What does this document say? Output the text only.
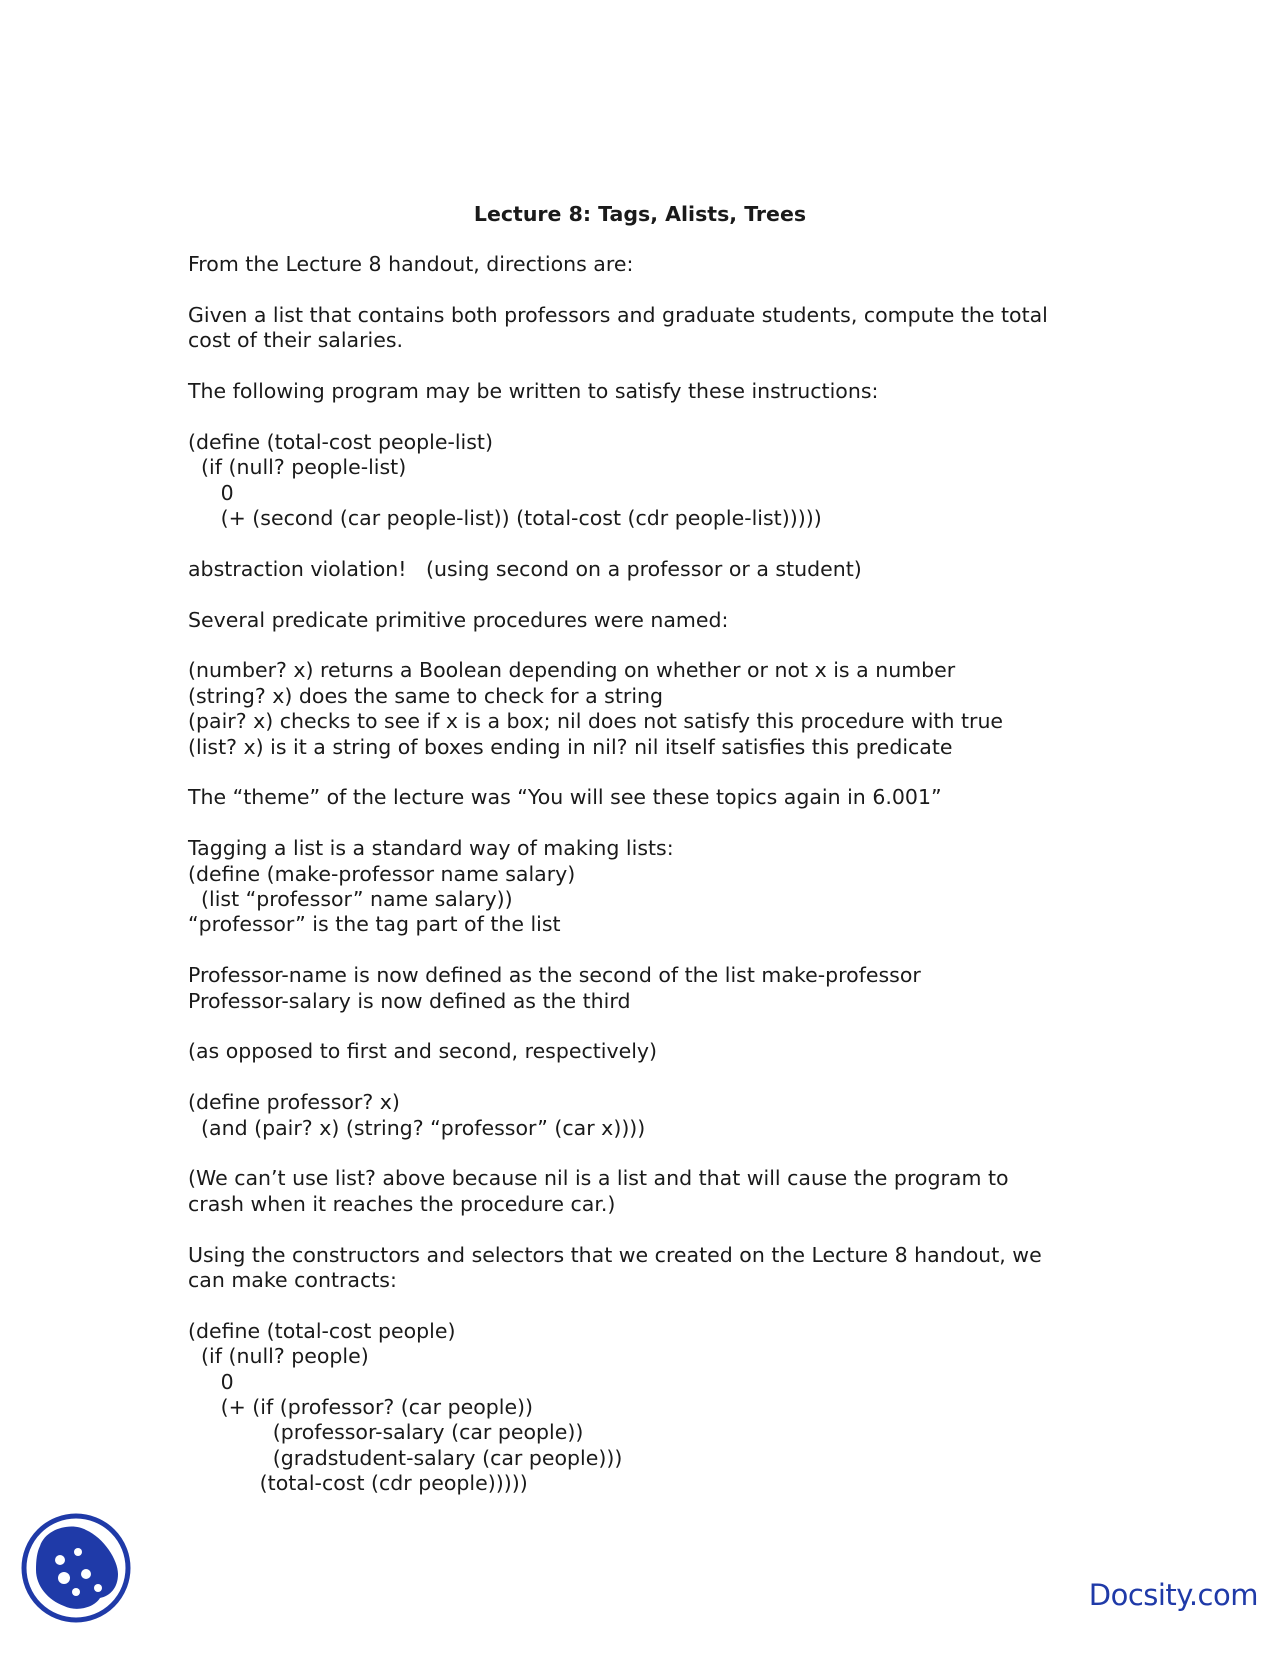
Lecture 8: Tags, Alists, Trees
From the Lecture 8 handout, directions are:
Given a list that contains both professors and graduate students, compute the total
cost of their salaries.
The following program may be written to satisfy these instructions:
(define (total-cost people-list)
(if (null? people-list)
0
(+ (second (car people-list)) (total-cost (cdr people-list)))))
abstraction violation!   (using second on a professor or a student)
Several predicate primitive procedures were named:
(number? x) returns a Boolean depending on whether or not x is a number
(string? x) does the same to check for a string
(pair? x) checks to see if x is a box; nil does not satisfy this procedure with true
(list? x) is it a string of boxes ending in nil? nil itself satisfies this predicate
The “theme” of the lecture was “You will see these topics again in 6.001”
Tagging a list is a standard way of making lists:
(define (make-professor name salary)
(list “professor” name salary))
“professor” is the tag part of the list
Professor-name is now defined as the second of the list make-professor
Professor-salary is now defined as the third
(as opposed to first and second, respectively)
(define professor? x)
(and (pair? x) (string? “professor” (car x))))
(We can’t use list? above because nil is a list and that will cause the program to
crash when it reaches the procedure car.)
Using the constructors and selectors that we created on the Lecture 8 handout, we
can make contracts:
(define (total-cost people)
(if (null? people)
0
(+ (if (professor? (car people))
(professor-salary (car people))
(gradstudent-salary (car people)))
(total-cost (cdr people)))))
Docsity.com
